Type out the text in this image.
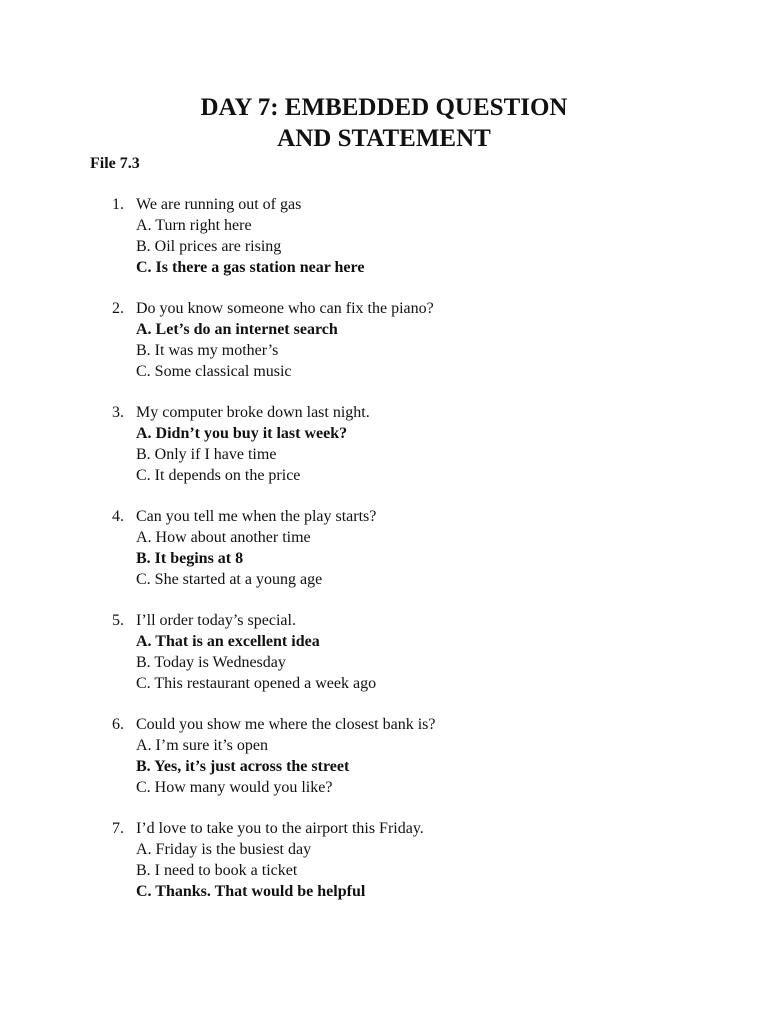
DAY 7: EMBEDDED QUESTION
AND STATEMENT
File 7.3
1. We are running out of gas
A. Turn right here
B. Oil prices are rising
C. Is there a gas station near here
2. Do you know someone who can fix the piano?
A. Let’s do an internet search
B. It was my mother’s
C. Some classical music
3. My computer broke down last night.
A. Didn’t you buy it last week?
B. Only if I have time
C. It depends on the price
4. Can you tell me when the play starts?
A. How about another time
B. It begins at 8
C. She started at a young age
5. I’ll order today’s special.
A. That is an excellent idea
B. Today is Wednesday
C. This restaurant opened a week ago
6. Could you show me where the closest bank is?
A. I’m sure it’s open
B. Yes, it’s just across the street
C. How many would you like?
7. I’d love to take you to the airport this Friday.
A. Friday is the busiest day
B. I need to book a ticket
C. Thanks. That would be helpful
